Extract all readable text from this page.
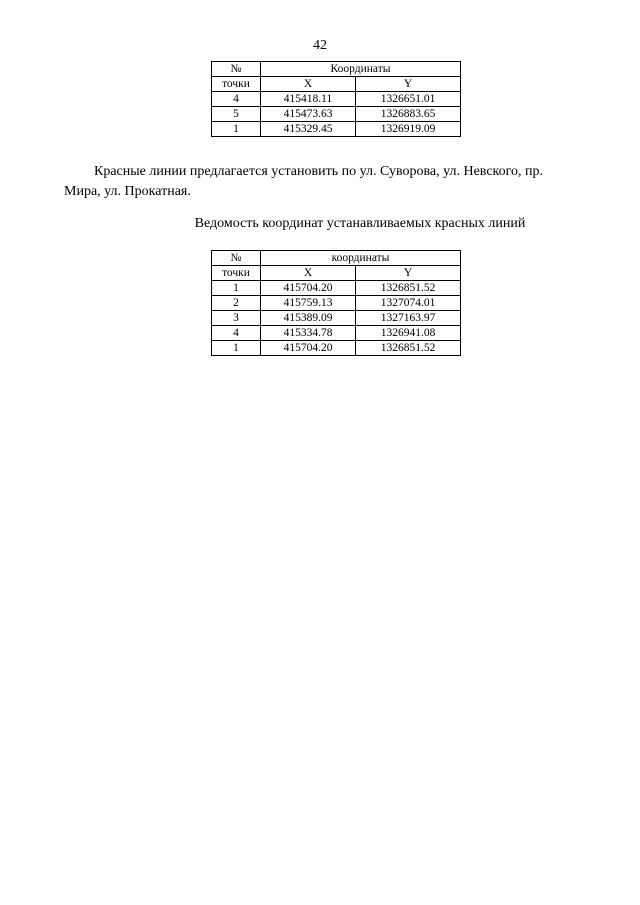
42
№	Координаты	
точки	X	Y
4	415418.11	1326651.01
5	415473.63	1326883.65
1	415329.45	1326919.09

Красные линии предлагается установить по ул. Суворова, ул. Невского, пр. Мира, ул. Прокатная.

Ведомость координат устанавливаемых красных линий
№	координаты	
точки	X	Y
1	415704.20	1326851.52
2	415759.13	1327074.01
3	415389.09	1327163.97
4	415334.78	1326941.08
1	415704.20	1326851.52
